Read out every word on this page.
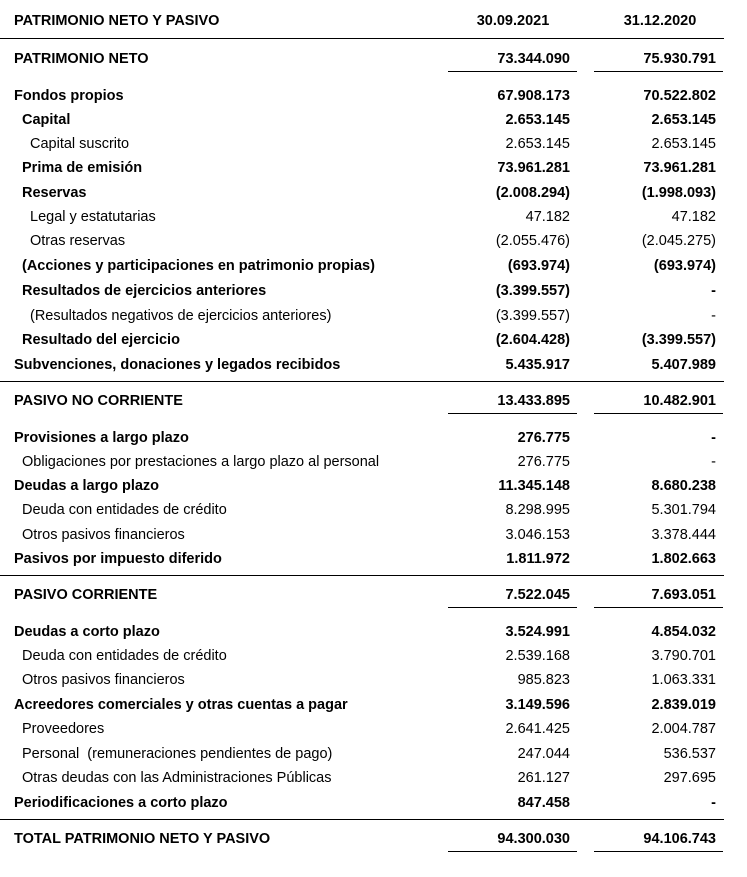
PATRIMONIO NETO Y PASIVO	30.09.2021	31.12.2020
PATRIMONIO NETO	73.344.090	75.930.791
Fondos propios	67.908.173	70.522.802
Capital	2.653.145	2.653.145
Capital suscrito	2.653.145	2.653.145
Prima de emisión	73.961.281	73.961.281
Reservas	(2.008.294)	(1.998.093)
Legal y estatutarias	47.182	47.182
Otras reservas	(2.055.476)	(2.045.275)
(Acciones y participaciones en patrimonio propias)	(693.974)	(693.974)
Resultados de ejercicios anteriores	(3.399.557)	-
(Resultados negativos de ejercicios anteriores)	(3.399.557)	-
Resultado del ejercicio	(2.604.428)	(3.399.557)
Subvenciones, donaciones y legados recibidos	5.435.917	5.407.989
PASIVO NO CORRIENTE	13.433.895	10.482.901
Provisiones a largo plazo	276.775	-
Obligaciones por prestaciones a largo plazo al personal	276.775	-
Deudas a largo plazo	11.345.148	8.680.238
Deuda con entidades de crédito	8.298.995	5.301.794
Otros pasivos financieros	3.046.153	3.378.444
Pasivos por impuesto diferido	1.811.972	1.802.663
PASIVO CORRIENTE	7.522.045	7.693.051
Deudas a corto plazo	3.524.991	4.854.032
Deuda con entidades de crédito	2.539.168	3.790.701
Otros pasivos financieros	985.823	1.063.331
Acreedores comerciales y otras cuentas a pagar	3.149.596	2.839.019
Proveedores	2.641.425	2.004.787
Personal  (remuneraciones pendientes de pago)	247.044	536.537
Otras deudas con las Administraciones Públicas	261.127	297.695
Periodificaciones a corto plazo	847.458	-
TOTAL PATRIMONIO NETO Y PASIVO	94.300.030	94.106.743
